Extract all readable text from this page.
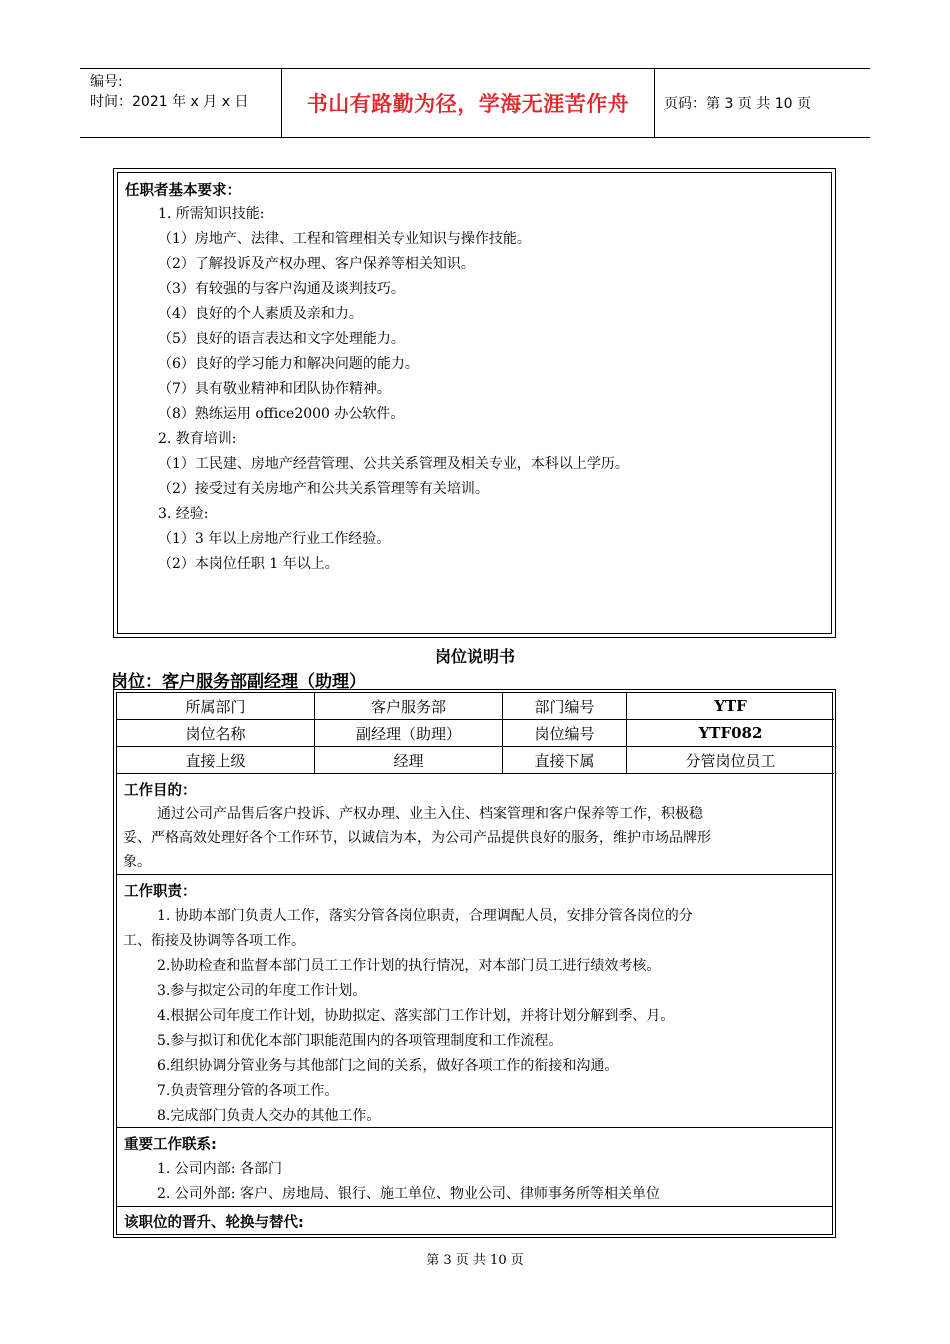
编号:
时间：2021 年 x 月 x 日	书山有路勤为径，学海无涯苦作舟	页码：第 3 页 共 10 页
任职者基本要求：
1. 所需知识技能:
（1）房地产、法律、工程和管理相关专业知识与操作技能。
（2）了解投诉及产权办理、客户保养等相关知识。
（3）有较强的与客户沟通及谈判技巧。
（4）良好的个人素质及亲和力。
（5）良好的语言表达和文字处理能力。
（6）良好的学习能力和解决问题的能力。
（7）具有敬业精神和团队协作精神。
（8）熟练运用 office2000 办公软件。
2. 教育培训:
（1）工民建、房地产经营管理、公共关系管理及相关专业，本科以上学历。
（2）接受过有关房地产和公共关系管理等有关培训。
3. 经验:
（1）3 年以上房地产行业工作经验。
（2）本岗位任职 1 年以上。
岗位说明书
岗位：客户服务部副经理（助理）
所属部门	客户服务部	部门编号	YTF
岗位名称	副经理（助理）	岗位编号	YTF082
直接上级	经理	直接下属	分管岗位员工
工作目的：
通过公司产品售后客户投诉、产权办理、业主入住、档案管理和客户保养等工作，积极稳
妥、严格高效处理好各个工作环节，以诚信为本，为公司产品提供良好的服务，维护市场品牌形
象。
工作职责：
1. 协助本部门负责人工作，落实分管各岗位职责，合理调配人员，安排分管各岗位的分
工、衔接及协调等各项工作。
2.协助检查和监督本部门员工工作计划的执行情况，对本部门员工进行绩效考核。
3.参与拟定公司的年度工作计划。
4.根据公司年度工作计划，协助拟定、落实部门工作计划，并将计划分解到季、月。
5.参与拟订和优化本部门职能范围内的各项管理制度和工作流程。
6.组织协调分管业务与其他部门之间的关系，做好各项工作的衔接和沟通。
7.负责管理分管的各项工作。
8.完成部门负责人交办的其他工作。
重要工作联系:
1. 公司内部: 各部门
2. 公司外部: 客户、房地局、银行、施工单位、物业公司、律师事务所等相关单位
该职位的晋升、轮换与替代:
第 3 页 共 10 页
